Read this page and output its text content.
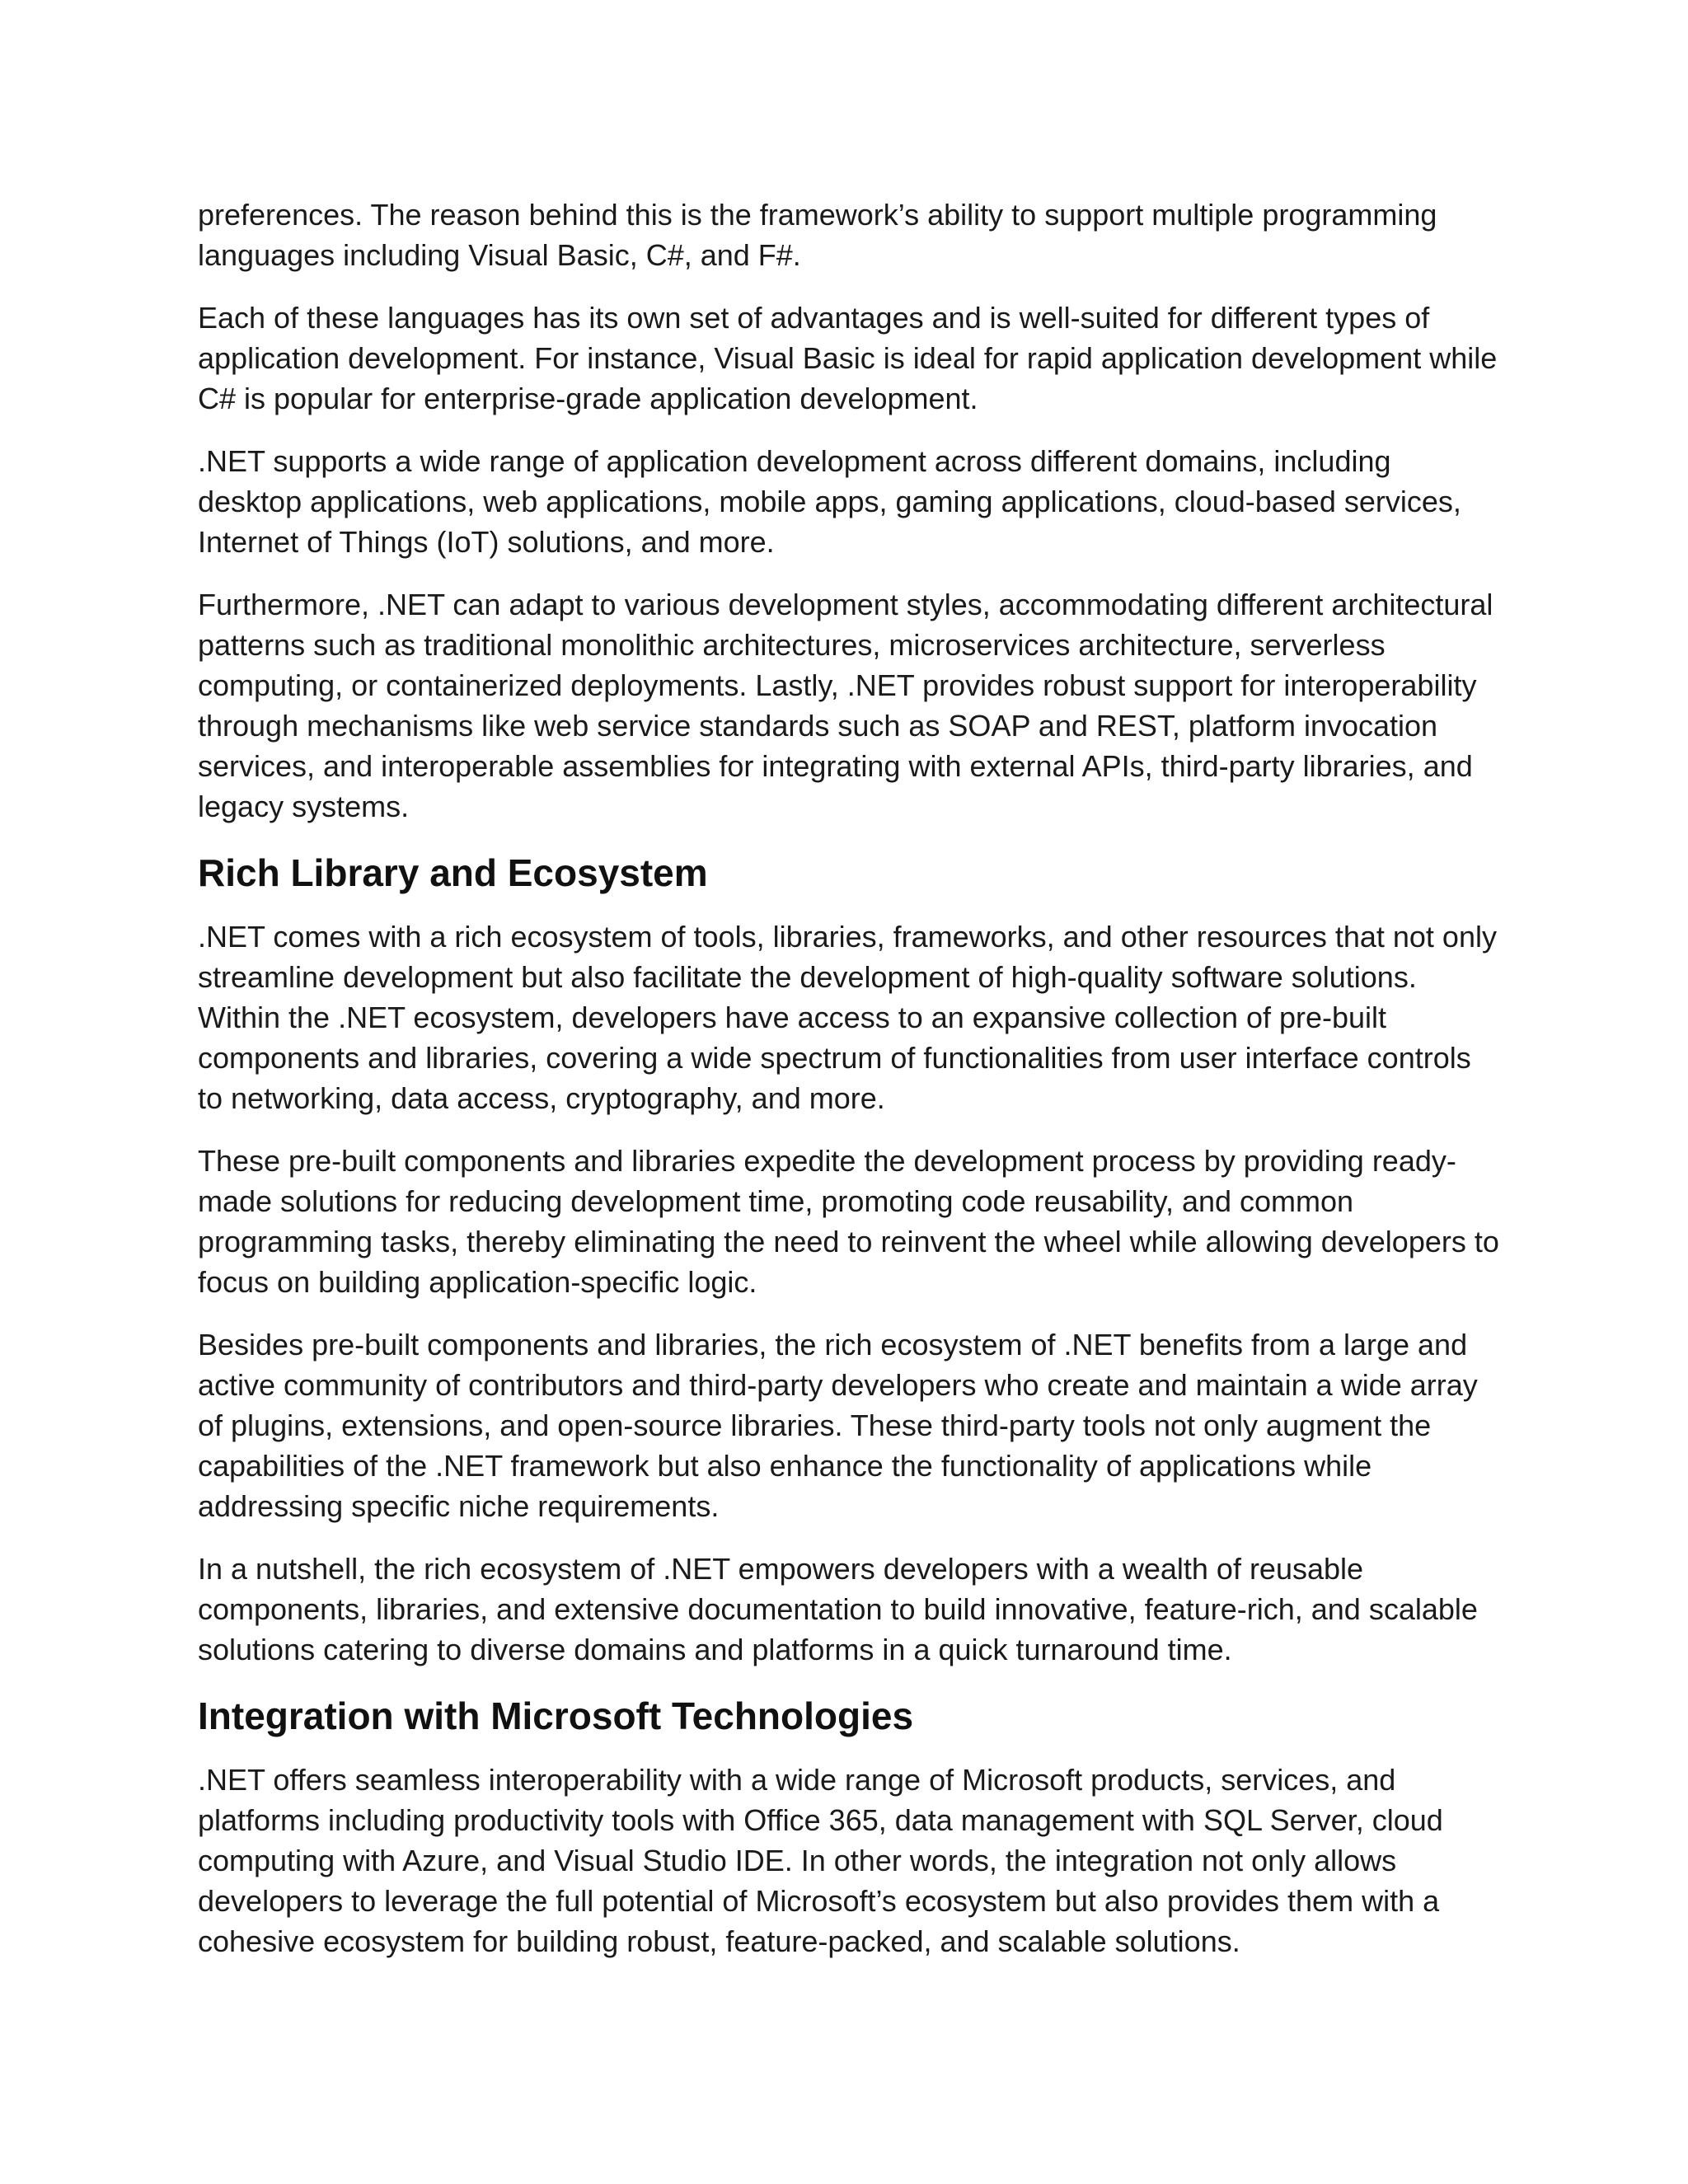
preferences. The reason behind this is the framework’s ability to support multiple programming languages including Visual Basic, C#, and F#.

Each of these languages has its own set of advantages and is well-suited for different types of application development. For instance, Visual Basic is ideal for rapid application development while C# is popular for enterprise-grade application development.

.NET supports a wide range of application development across different domains, including desktop applications, web applications, mobile apps, gaming applications, cloud-based services, Internet of Things (IoT) solutions, and more.

Furthermore, .NET can adapt to various development styles, accommodating different architectural patterns such as traditional monolithic architectures, microservices architecture, serverless computing, or containerized deployments. Lastly, .NET provides robust support for interoperability through mechanisms like web service standards such as SOAP and REST, platform invocation services, and interoperable assemblies for integrating with external APIs, third-party libraries, and legacy systems.

Rich Library and Ecosystem

.NET comes with a rich ecosystem of tools, libraries, frameworks, and other resources that not only streamline development but also facilitate the development of high-quality software solutions. Within the .NET ecosystem, developers have access to an expansive collection of pre-built components and libraries, covering a wide spectrum of functionalities from user interface controls to networking, data access, cryptography, and more.

These pre-built components and libraries expedite the development process by providing ready-made solutions for reducing development time, promoting code reusability, and common programming tasks, thereby eliminating the need to reinvent the wheel while allowing developers to focus on building application-specific logic.

Besides pre-built components and libraries, the rich ecosystem of .NET benefits from a large and active community of contributors and third-party developers who create and maintain a wide array of plugins, extensions, and open-source libraries. These third-party tools not only augment the capabilities of the .NET framework but also enhance the functionality of applications while addressing specific niche requirements.

In a nutshell, the rich ecosystem of .NET empowers developers with a wealth of reusable components, libraries, and extensive documentation to build innovative, feature-rich, and scalable solutions catering to diverse domains and platforms in a quick turnaround time.

Integration with Microsoft Technologies

.NET offers seamless interoperability with a wide range of Microsoft products, services, and platforms including productivity tools with Office 365, data management with SQL Server, cloud computing with Azure, and Visual Studio IDE. In other words, the integration not only allows developers to leverage the full potential of Microsoft’s ecosystem but also provides them with a cohesive ecosystem for building robust, feature-packed, and scalable solutions.
